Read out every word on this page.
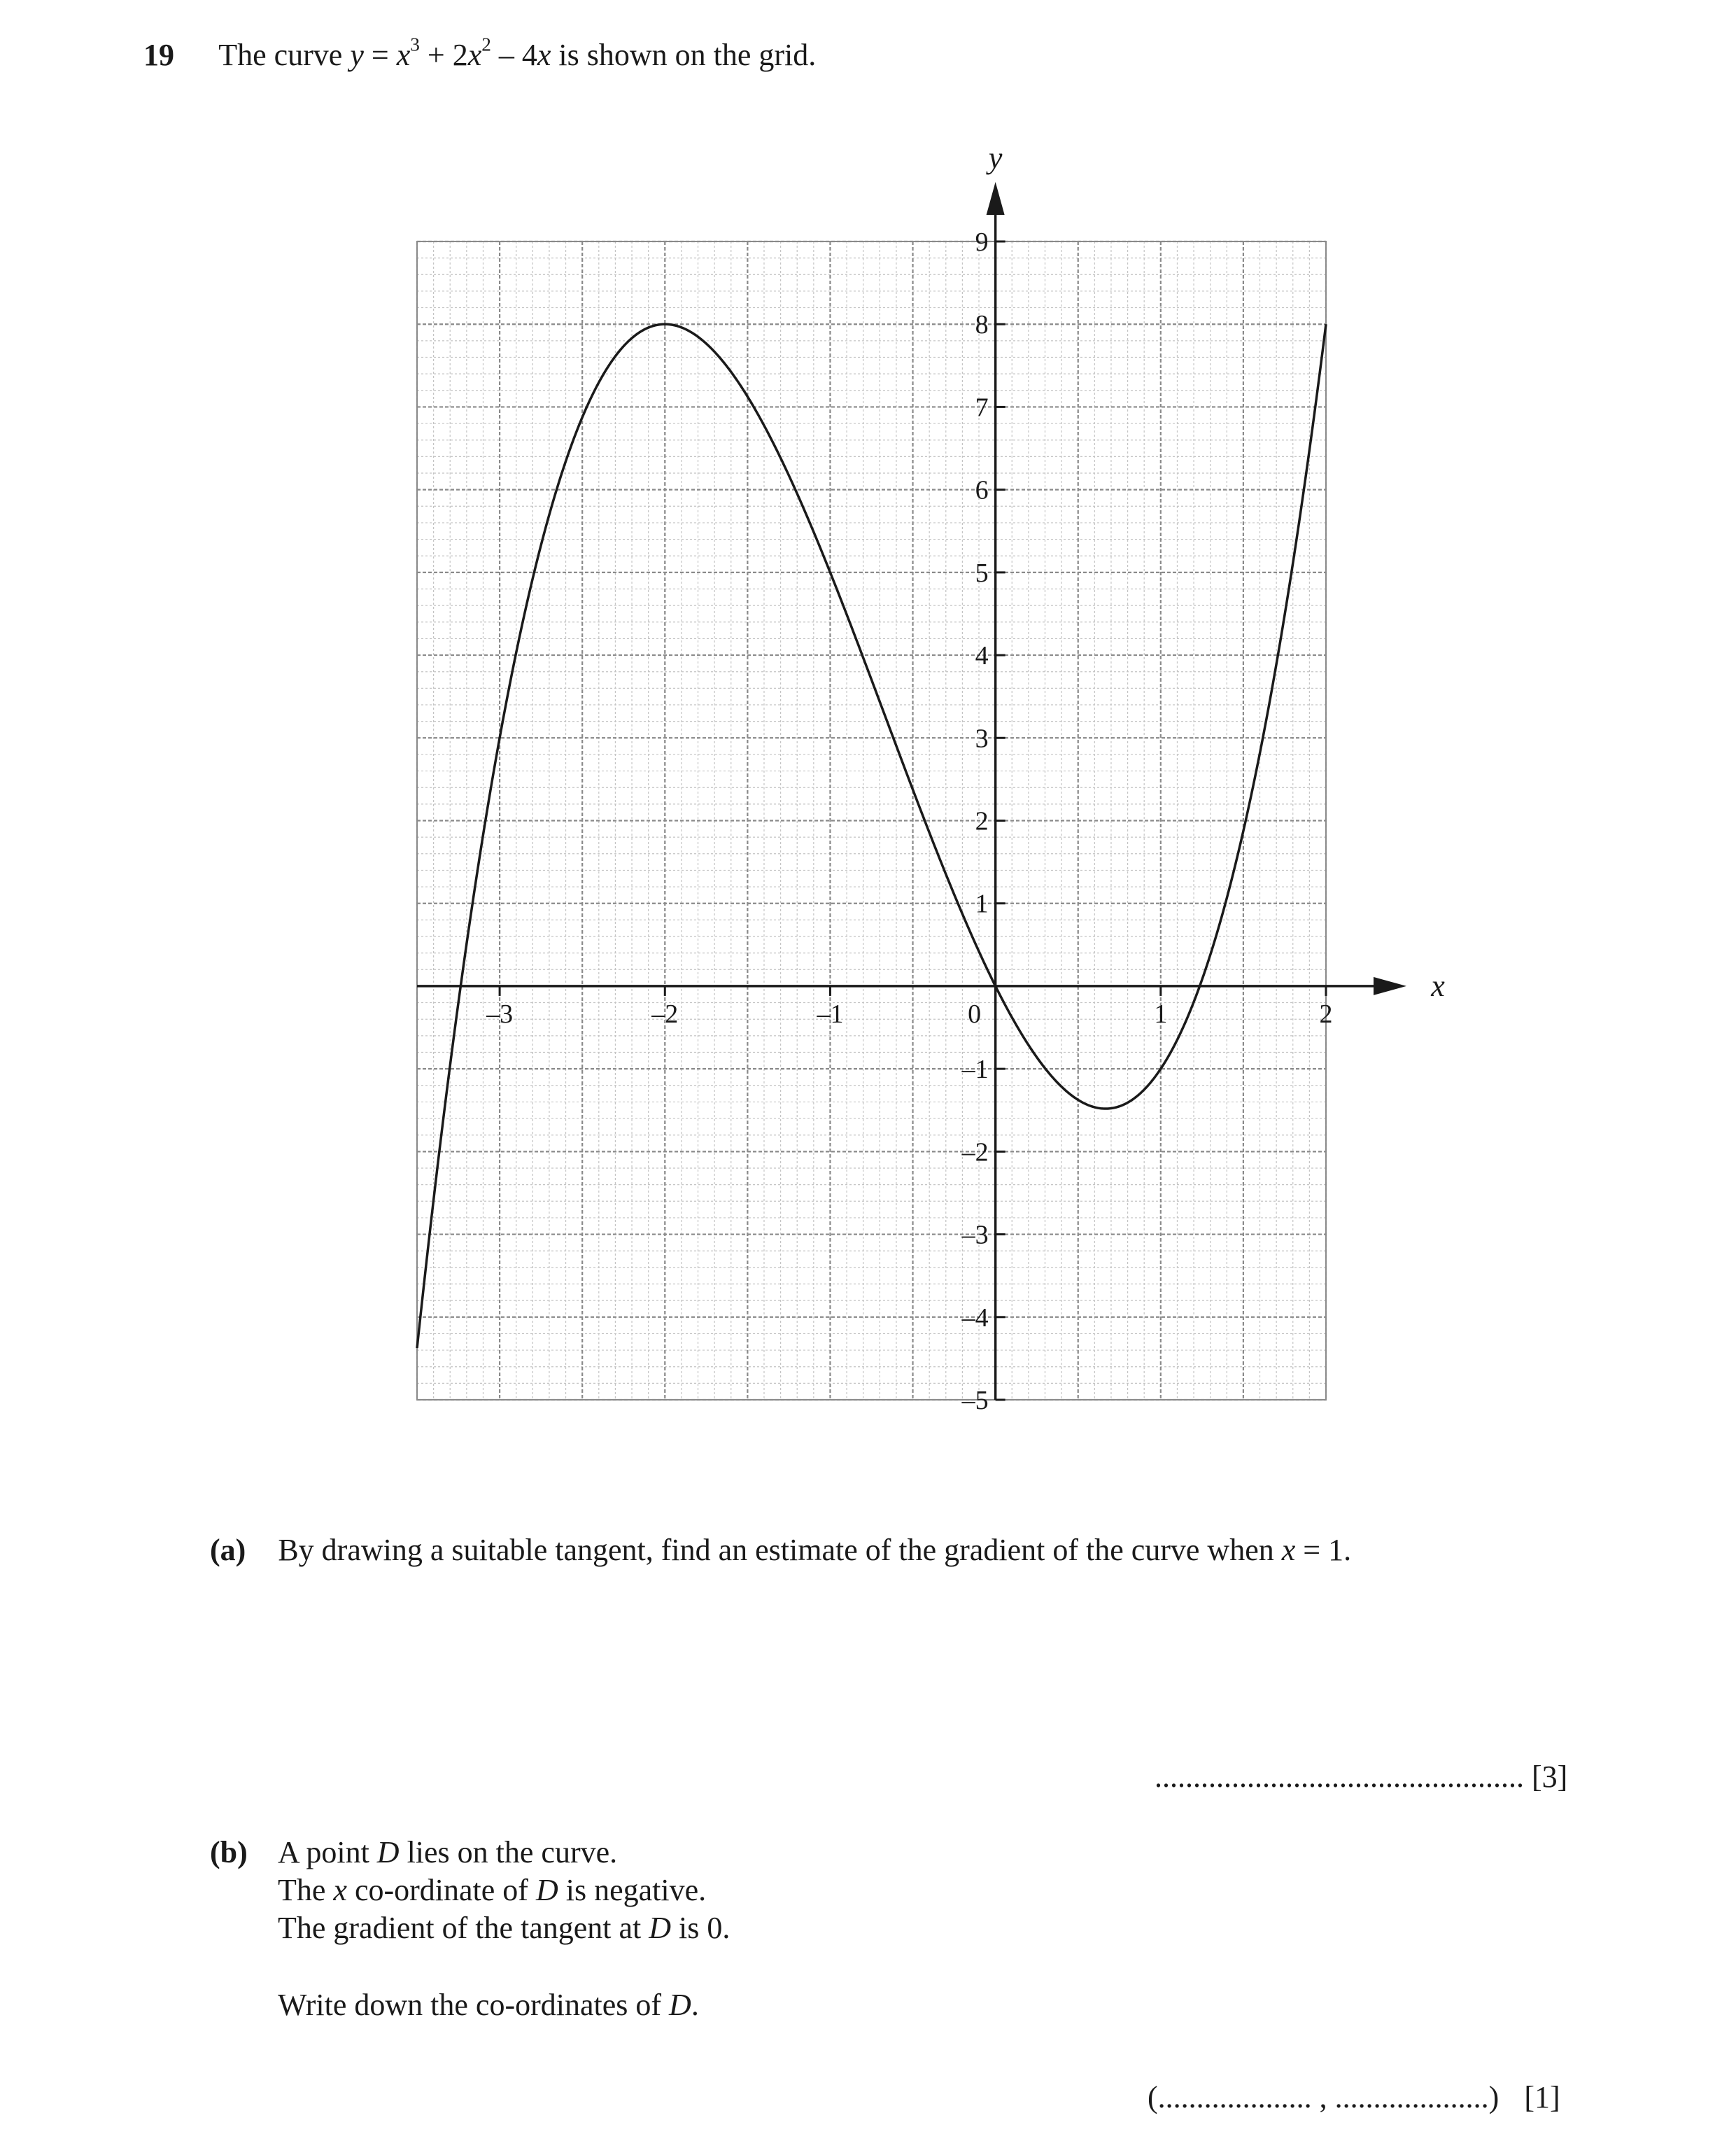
19 The curve $y = x^3 + 2x^2 - 4x$ is shown on the grid.
x
y
–3	–2	–1	0	1	2
9
8
7
6
5
4
3
2
1
–1
–2
–3
–4
–5
(a) By drawing a suitable tangent, find an estimate of the gradient of the curve when x = 1.
................................................ [3]
(b) A point D lies on the curve.
The x co-ordinate of D is negative.
The gradient of the tangent at D is 0.
Write down the co-ordinates of D.
(.................... , ....................) [1]
